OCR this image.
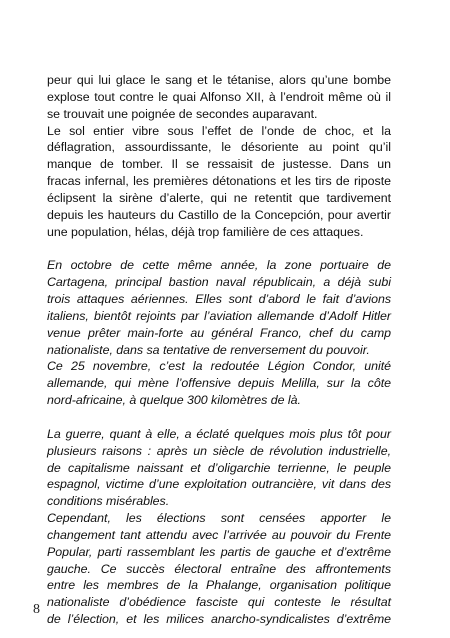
peur qui lui glace le sang et le tétanise, alors qu’une bombe
explose tout contre le quai Alfonso XII, à l’endroit même où il
se trouvait une poignée de secondes auparavant.
Le sol entier vibre sous l’effet de l’onde de choc, et la
déflagration, assourdissante, le désoriente au point qu’il
manque de tomber. Il se ressaisit de justesse. Dans un
fracas infernal, les premières détonations et les tirs de riposte
éclipsent la sirène d’alerte, qui ne retentit que tardivement
depuis les hauteurs du Castillo de la Concepción, pour avertir
une population, hélas, déjà trop familière de ces attaques.
En octobre de cette même année, la zone portuaire de
Cartagena, principal bastion naval républicain, a déjà subi
trois attaques aériennes. Elles sont d’abord le fait d’avions
italiens, bientôt rejoints par l’aviation allemande d’Adolf Hitler
venue prêter main-forte au général Franco, chef du camp
nationaliste, dans sa tentative de renversement du pouvoir.
Ce 25 novembre, c’est la redoutée Légion Condor, unité
allemande, qui mène l’offensive depuis Melilla, sur la côte
nord-africaine, à quelque 300 kilomètres de là.
La guerre, quant à elle, a éclaté quelques mois plus tôt pour
plusieurs raisons : après un siècle de révolution industrielle,
de capitalisme naissant et d’oligarchie terrienne, le peuple
espagnol, victime d’une exploitation outrancière, vit dans des
conditions misérables.
Cependant, les élections sont censées apporter le
changement tant attendu avec l’arrivée au pouvoir du Frente
Popular, parti rassemblant les partis de gauche et d’extrême
gauche. Ce succès électoral entraîne des affrontements
entre les membres de la Phalange, organisation politique
nationaliste d’obédience fasciste qui conteste le résultat
de l’élection, et les milices anarcho-syndicalistes d’extrême
8
